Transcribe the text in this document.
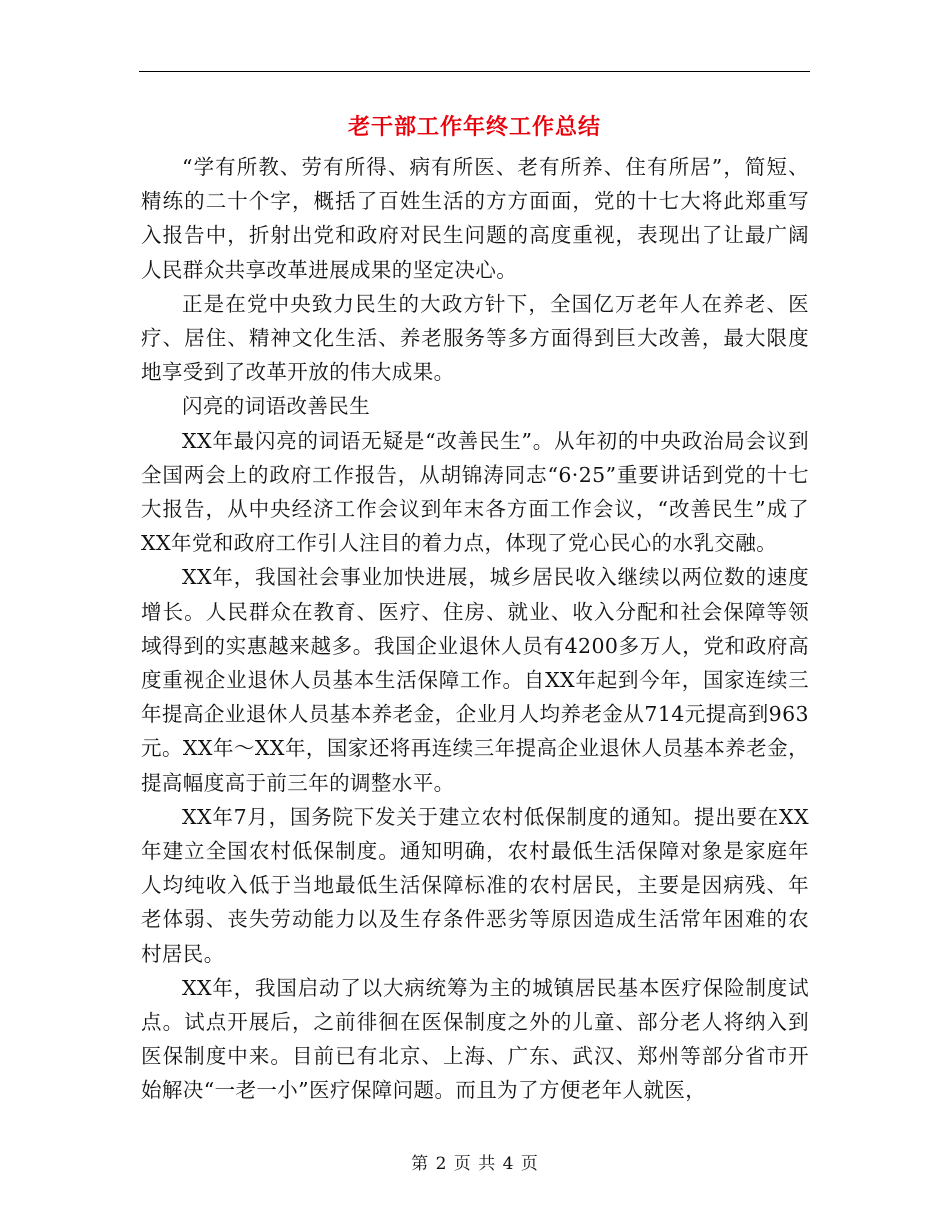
老干部工作年终工作总结

“学有所教、劳有所得、病有所医、老有所养、住有所居”，简短、精练的二十个字，概括了百姓生活的方方面面，党的十七大将此郑重写入报告中，折射出党和政府对民生问题的高度重视，表现出了让最广阔人民群众共享改革进展成果的坚定决心。

正是在党中央致力民生的大政方针下，全国亿万老年人在养老、医疗、居住、精神文化生活、养老服务等多方面得到巨大改善，最大限度地享受到了改革开放的伟大成果。

闪亮的词语改善民生

XX年最闪亮的词语无疑是“改善民生”。从年初的中央政治局会议到全国两会上的政府工作报告，从胡锦涛同志“6·25”重要讲话到党的十七大报告，从中央经济工作会议到年末各方面工作会议，“改善民生”成了XX年党和政府工作引人注目的着力点，体现了党心民心的水乳交融。

XX年，我国社会事业加快进展，城乡居民收入继续以两位数的速度增长。人民群众在教育、医疗、住房、就业、收入分配和社会保障等领域得到的实惠越来越多。我国企业退休人员有4200多万人，党和政府高度重视企业退休人员基本生活保障工作。自XX年起到今年，国家连续三年提高企业退休人员基本养老金，企业月人均养老金从714元提高到963元。XX年～XX年，国家还将再连续三年提高企业退休人员基本养老金，提高幅度高于前三年的调整水平。

XX年7月，国务院下发关于建立农村低保制度的通知。提出要在XX年建立全国农村低保制度。通知明确，农村最低生活保障对象是家庭年人均纯收入低于当地最低生活保障标准的农村居民，主要是因病残、年老体弱、丧失劳动能力以及生存条件恶劣等原因造成生活常年困难的农村居民。

XX年，我国启动了以大病统筹为主的城镇居民基本医疗保险制度试点。试点开展后，之前徘徊在医保制度之外的儿童、部分老人将纳入到医保制度中来。目前已有北京、上海、广东、武汉、郑州等部分省市开始解决“一老一小”医疗保障问题。而且为了方便老年人就医，

第 2 页 共 4 页
